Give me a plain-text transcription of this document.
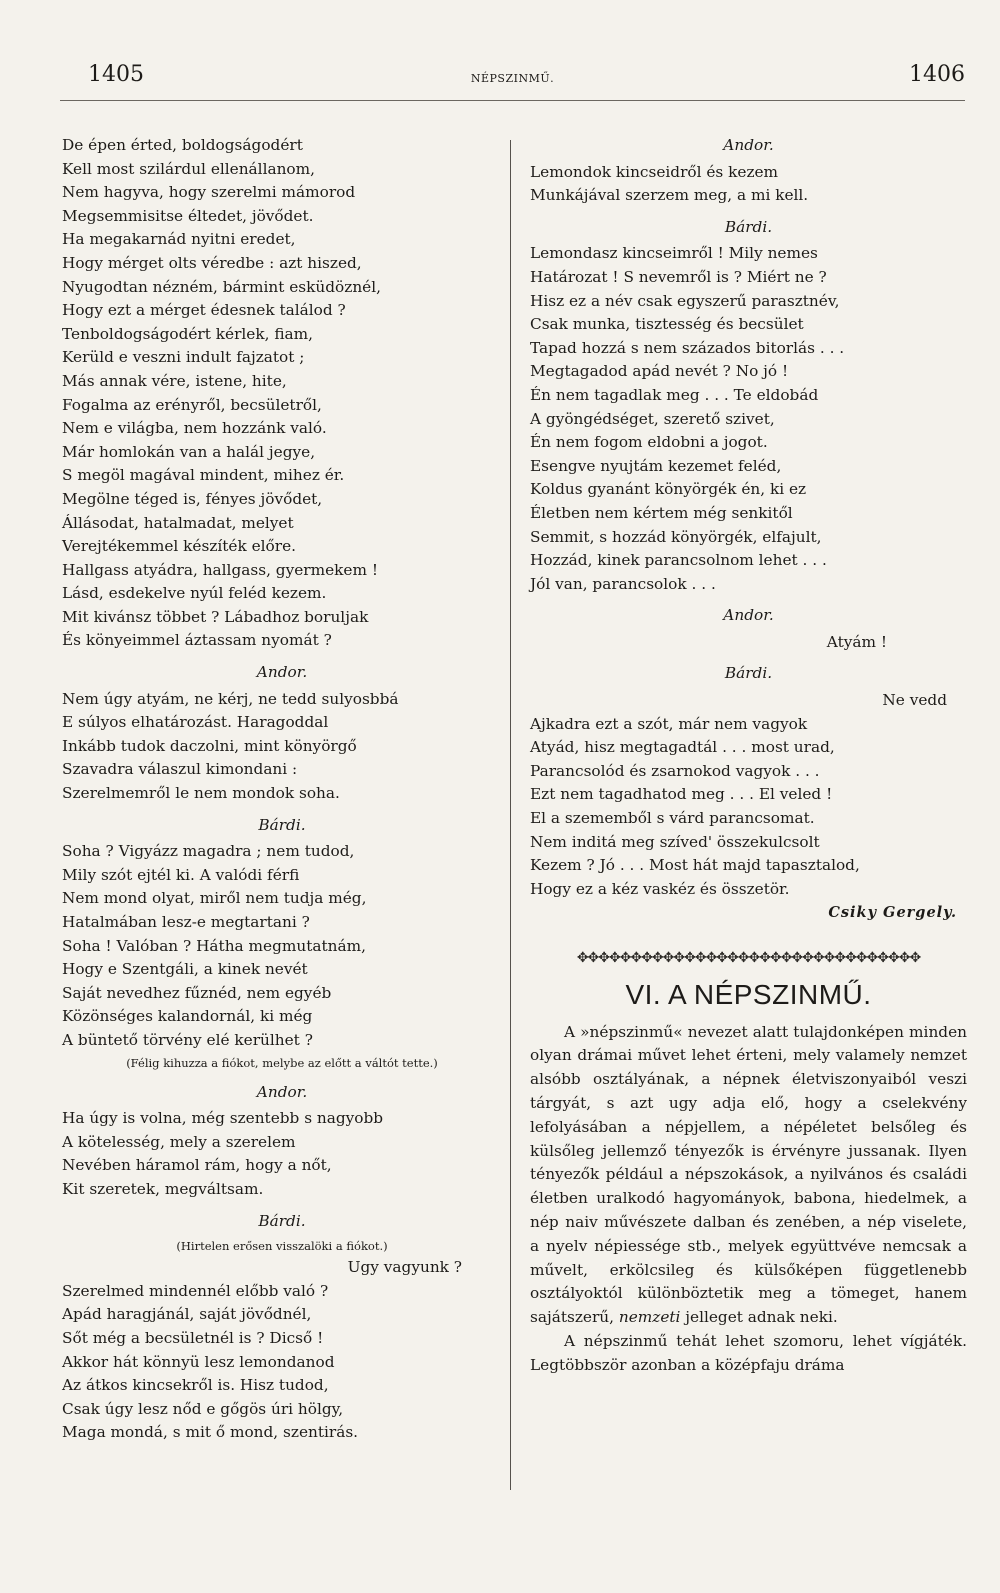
1405	NÉPSZINMŰ.	1406
De épen érted, boldogságodért
Kell most szilárdul ellenállanom,
Nem hagyva, hogy szerelmi mámorod
Megsemmisitse éltedet, jövődet.
Ha megakarnád nyitni eredet,
Hogy mérget olts véredbe : azt hiszed,
Nyugodtan nézném, bármint esküdöznél,
Hogy ezt a mérget édesnek találod ?
Tenboldogságodért kérlek, fiam,
Kerüld e veszni indult fajzatot ;
Más annak vére, istene, hite,
Fogalma az erényről, becsületről,
Nem e világba, nem hozzánk való.
Már homlokán van a halál jegye,
S megöl magával mindent, mihez ér.
Megölne téged is, fényes jövődet,
Állásodat, hatalmadat, melyet
Verejtékemmel készíték előre.
Hallgass atyádra, hallgass, gyermekem !
Lásd, esdekelve nyúl feléd kezem.
Mit kivánsz többet ? Lábadhoz boruljak
És könyeimmel áztassam nyomát ?
Andor.
Nem úgy atyám, ne kérj, ne tedd sulyosbbá
E súlyos elhatározást. Haragoddal
Inkább tudok daczolni, mint könyörgő
Szavadra válaszul kimondani :
Szerelmemről le nem mondok soha.
Bárdi.
Soha ? Vigyázz magadra ; nem tudod,
Mily szót ejtél ki. A valódi férfi
Nem mond olyat, miről nem tudja még,
Hatalmában lesz-e megtartani ?
Soha ! Valóban ? Hátha megmutatnám,
Hogy e Szentgáli, a kinek nevét
Saját nevedhez fűznéd, nem egyéb
Közönséges kalandornál, ki még
A büntető törvény elé kerülhet ?
(Félig kihuzza a fiókot, melybe az előtt a váltót tette.)
Andor.
Ha úgy is volna, még szentebb s nagyobb
A kötelesség, mely a szerelem
Nevében háramol rám, hogy a nőt,
Kit szeretek, megváltsam.
Bárdi.
(Hirtelen erősen visszalöki a fiókot.)
Ugy vagyunk ?
Szerelmed mindennél előbb való ?
Apád haragjánál, saját jövődnél,
Sőt még a becsületnél is ? Dicső !
Akkor hát könnyü lesz lemondanod
Az átkos kincsekről is. Hisz tudod,
Csak úgy lesz nőd e gőgös úri hölgy,
Maga mondá, s mit ő mond, szentirás.
Andor.
Lemondok kincseidről és kezem
Munkájával szerzem meg, a mi kell.
Bárdi.
Lemondasz kincseimről ! Mily nemes
Határozat ! S nevemről is ? Miért ne ?
Hisz ez a név csak egyszerű parasztnév,
Csak munka, tisztesség és becsület
Tapad hozzá s nem százados bitorlás . . .
Megtagadod apád nevét ? No jó !
Én nem tagadlak meg . . . Te eldobád
A gyöngédséget, szerető szivet,
Én nem fogom eldobni a jogot.
Esengve nyujtám kezemet feléd,
Koldus gyanánt könyörgék én, ki ez
Életben nem kértem még senkitől
Semmit, s hozzád könyörgék, elfajult,
Hozzád, kinek parancsolnom lehet . . .
Jól van, parancsolok . . .
Andor.
Atyám !
Bárdi.
Ne vedd
Ajkadra ezt a szót, már nem vagyok
Atyád, hisz megtagadtál . . . most urad,
Parancsolód és zsarnokod vagyok . . .
Ezt nem tagadhatod meg . . . El veled !
El a szememből s várd parancsomat.
Nem inditá meg szíved' összekulcsolt
Kezem ? Jó . . . Most hát majd tapasztalod,
Hogy ez a kéz vaskéz és összetör.
Csiky Gergely.
✥✥✥✥✥✥✥✥✥✥✥✥✥✥✥✥✥✥✥✥✥✥✥✥✥✥✥✥✥✥✥✥
VI. A NÉPSZINMŰ.

A »népszinmű« nevezet alatt tulajdonképen minden olyan drámai művet lehet érteni, mely valamely nemzet alsóbb osztályának, a népnek életviszonyaiból veszi tárgyát, s azt ugy adja elő, hogy a cselekvény lefolyásában a népjellem, a népéletet belsőleg és külsőleg jellemző tényezők is érvényre jussanak. Ilyen tényezők például a népszokások, a nyilvános és családi életben uralkodó hagyományok, babona, hiedelmek, a nép naiv művészete dalban és zenében, a nép viselete, a nyelv népiessége stb., melyek együttvéve nemcsak a művelt, erkölcsileg és külsőképen függetlenebb osztályoktól különböztetik meg a tömeget, hanem sajátszerű, nemzeti jelleget adnak neki.

A népszinmű tehát lehet szomoru, lehet vígjáték. Legtöbbször azonban a középfaju dráma
